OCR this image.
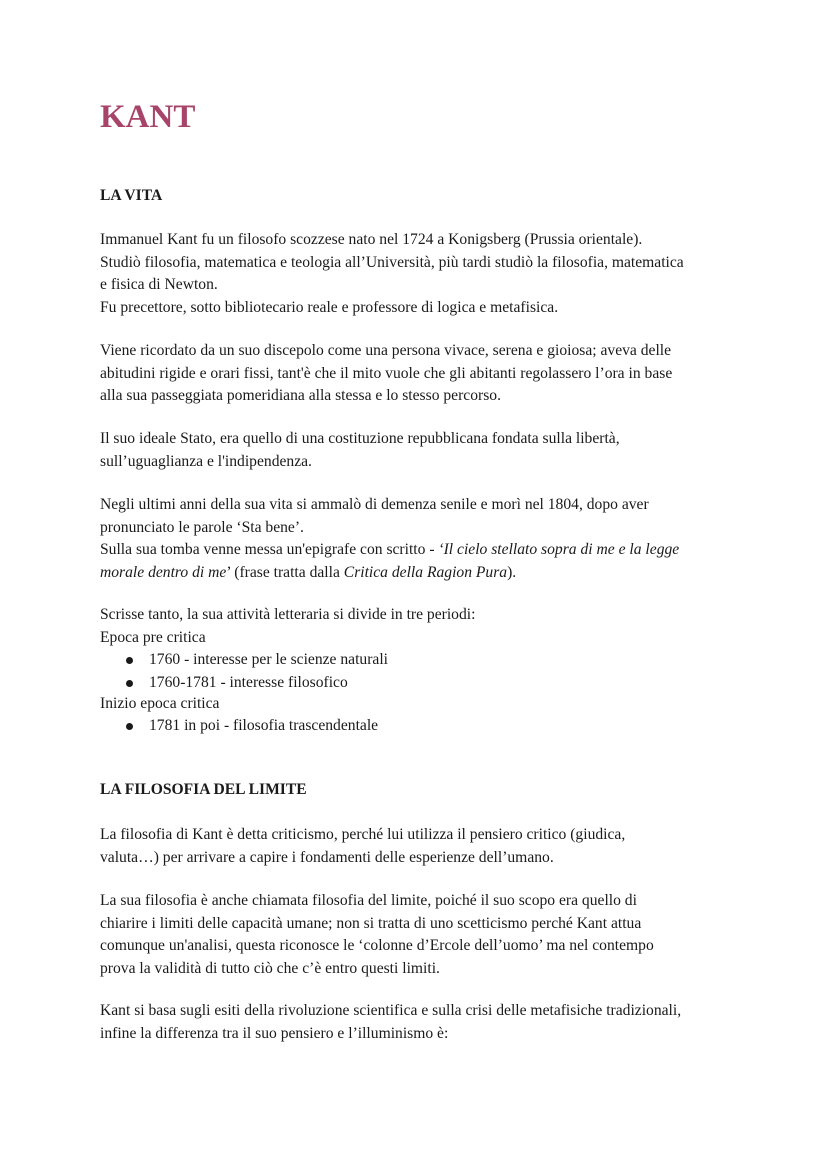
KANT
LA VITA

Immanuel Kant fu un filosofo scozzese nato nel 1724 a Konigsberg (Prussia orientale).
Studiò filosofia, matematica e teologia all’Università, più tardi studiò la filosofia, matematica
e fisica di Newton.
Fu precettore, sotto bibliotecario reale e professore di logica e metafisica.

Viene ricordato da un suo discepolo come una persona vivace, serena e gioiosa; aveva delle
abitudini rigide e orari fissi, tant'è che il mito vuole che gli abitanti regolassero l’ora in base
alla sua passeggiata pomeridiana alla stessa e lo stesso percorso.

Il suo ideale Stato, era quello di una costituzione repubblicana fondata sulla libertà,
sull’uguaglianza e l'indipendenza.

Negli ultimi anni della sua vita si ammalò di demenza senile e morì nel 1804, dopo aver
pronunciato le parole ‘Sta bene’.
Sulla sua tomba venne messa un'epigrafe con scritto - ‘Il cielo stellato sopra di me e la legge
morale dentro di me’ (frase tratta dalla Critica della Ragion Pura).

Scrisse tanto, la sua attività letteraria si divide in tre periodi:
Epoca pre critica

1760 - interesse per le scienze naturali
1760-1781 - interesse filosofico

Inizio epoca critica

1781 in poi - filosofia trascendentale
LA FILOSOFIA DEL LIMITE

La filosofia di Kant è detta criticismo, perché lui utilizza il pensiero critico (giudica,
valuta…) per arrivare a capire i fondamenti delle esperienze dell’umano.

La sua filosofia è anche chiamata filosofia del limite, poiché il suo scopo era quello di
chiarire i limiti delle capacità umane; non si tratta di uno scetticismo perché Kant attua
comunque un'analisi, questa riconosce le ‘colonne d’Ercole dell’uomo’ ma nel contempo
prova la validità di tutto ciò che c’è entro questi limiti.

Kant si basa sugli esiti della rivoluzione scientifica e sulla crisi delle metafisiche tradizionali,
infine la differenza tra il suo pensiero e l’illuminismo è:
